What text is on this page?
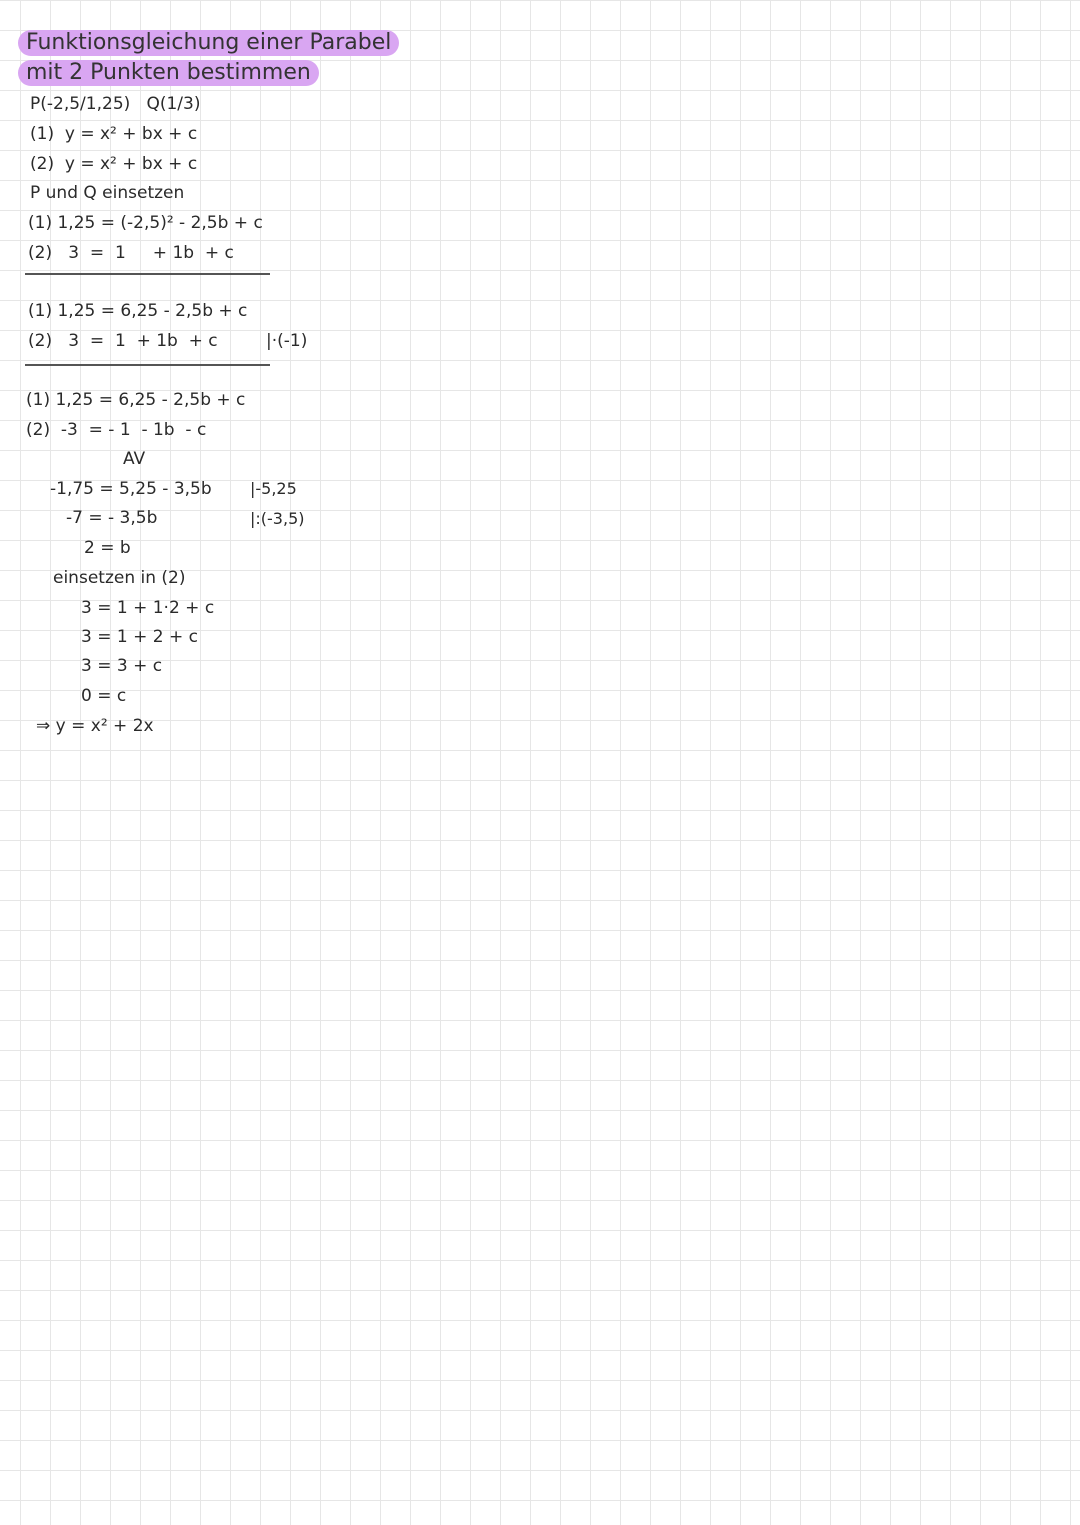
Funktionsgleichung einer Parabel
mit 2 Punkten bestimmen
P(-2,5/1,25)   Q(1/3)
(1)  y = x² + bx + c
(2)  y = x² + bx + c
P und Q einsetzen
(1) 1,25 = (-2,5)² - 2,5b + c
(2)   3  =  1     + 1b  + c
(1) 1,25 = 6,25 - 2,5b + c
(2)   3  =  1  + 1b  + c	|·(-1)
(1) 1,25 = 6,25 - 2,5b + c
(2)  -3  = - 1  - 1b  - c
AV
-1,75 = 5,25 - 3,5b |-5,25
-7 = - 3,5b	|:(-3,5)
2 = b
einsetzen in (2)
3 = 1 + 1·2 + c
3 = 1 + 2 + c
3 = 3 + c
0 = c
⇒ y = x² + 2x
